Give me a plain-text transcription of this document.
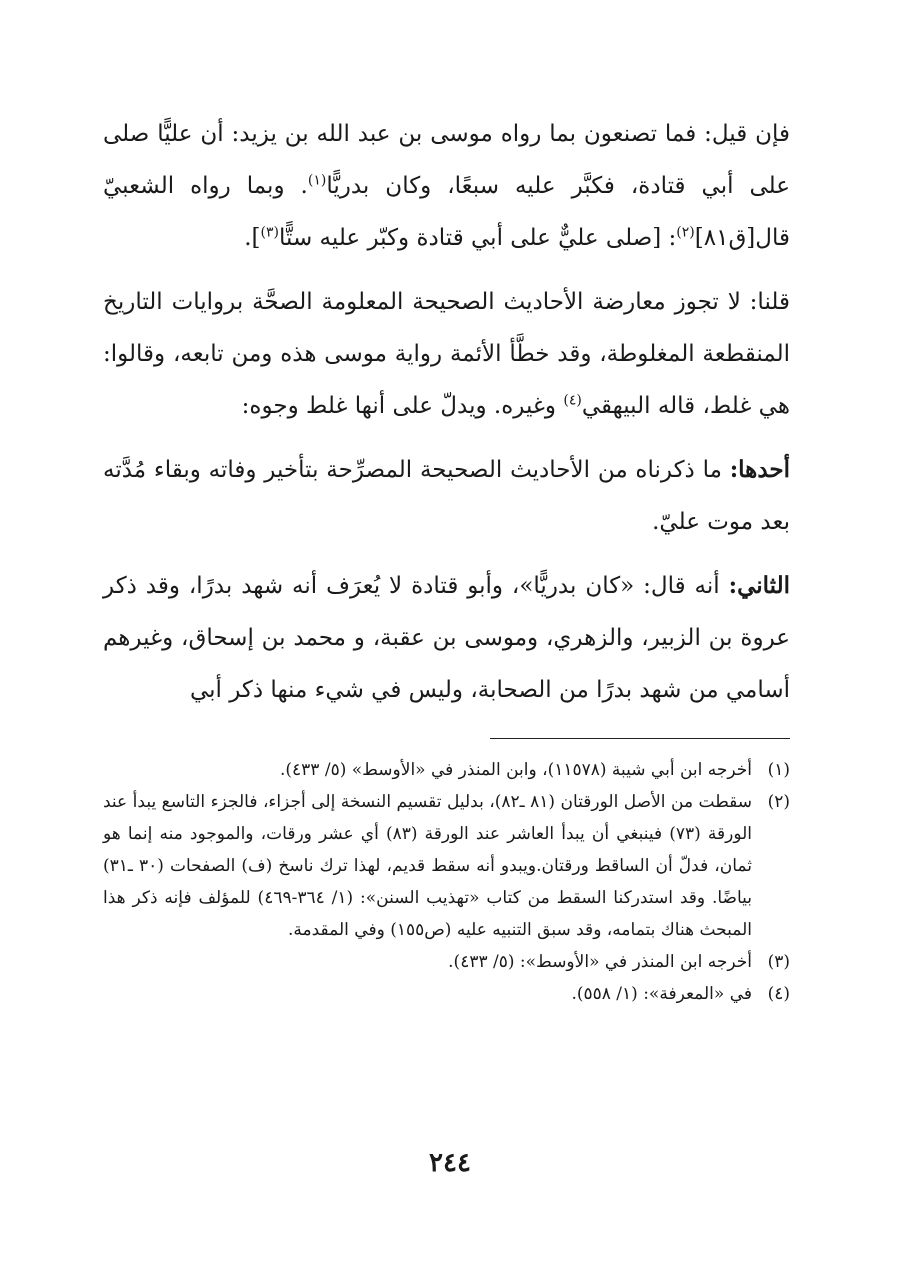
فإن قيل: فما تصنعون بما رواه موسى بن عبد الله بن يزيد: أن عليًّا صلى على أبي قتادة، فكبَّر عليه سبعًا، وكان بدريًّا$^{(١)}$. وبما رواه الشعبيّ قال[ق٨١]$^{(٢)}$: [صلى عليٌّ على أبي قتادة وكبّر عليه ستًّا$^{(٣)}$].

قلنا: لا تجوز معارضة الأحاديث الصحيحة المعلومة الصحَّة بروايات التاريخ المنقطعة المغلوطة، وقد خطَّأ الأئمة رواية موسى هذه ومن تابعه، وقالوا: هي غلط، قاله البيهقي$^{(٤)}$ وغيره. ويدلّ على أنها غلط وجوه:

أحدها: ما ذكرناه من الأحاديث الصحيحة المصرِّحة بتأخير وفاته وبقاء مُدَّته بعد موت عليّ.

الثاني: أنه قال: «كان بدريًّا»، وأبو قتادة لا يُعرَف أنه شهد بدرًا، وقد ذكر عروة بن الزبير، والزهري، وموسى بن عقبة، و محمد بن إسحاق، وغيرهم أسامي من شهد بدرًا من الصحابة، وليس في شيء منها ذكر أبي

(١)
أخرجه ابن أبي شيبة (١١٥٧٨)، وابن المنذر في «الأوسط» (٥/ ٤٣٣).
(٢)
سقطت من الأصل الورقتان (٨١ ـ٨٢)، بدليل تقسيم النسخة إلى أجزاء، فالجزء التاسع يبدأ عند الورقة (٧٣) فينبغي أن يبدأ العاشر عند الورقة (٨٣) أي عشر ورقات، والموجود منه إنما هو ثمان، فدلّ أن الساقط ورقتان.ويبدو أنه سقط قديم، لهذا ترك ناسخ (ف) الصفحات (٣٠ ـ٣١) بياضًا. وقد استدركنا السقط من كتاب «تهذيب السنن»: (١/ ٣٦٤-٤٦٩) للمؤلف فإنه ذكر هذا المبحث هناك بتمامه، وقد سبق التنبيه عليه (ص١٥٥) وفي المقدمة.
(٣)
أخرجه ابن المنذر في «الأوسط»: (٥/ ٤٣٣).
(٤)
في «المعرفة»: (١/ ٥٥٨).
٢٤٤
